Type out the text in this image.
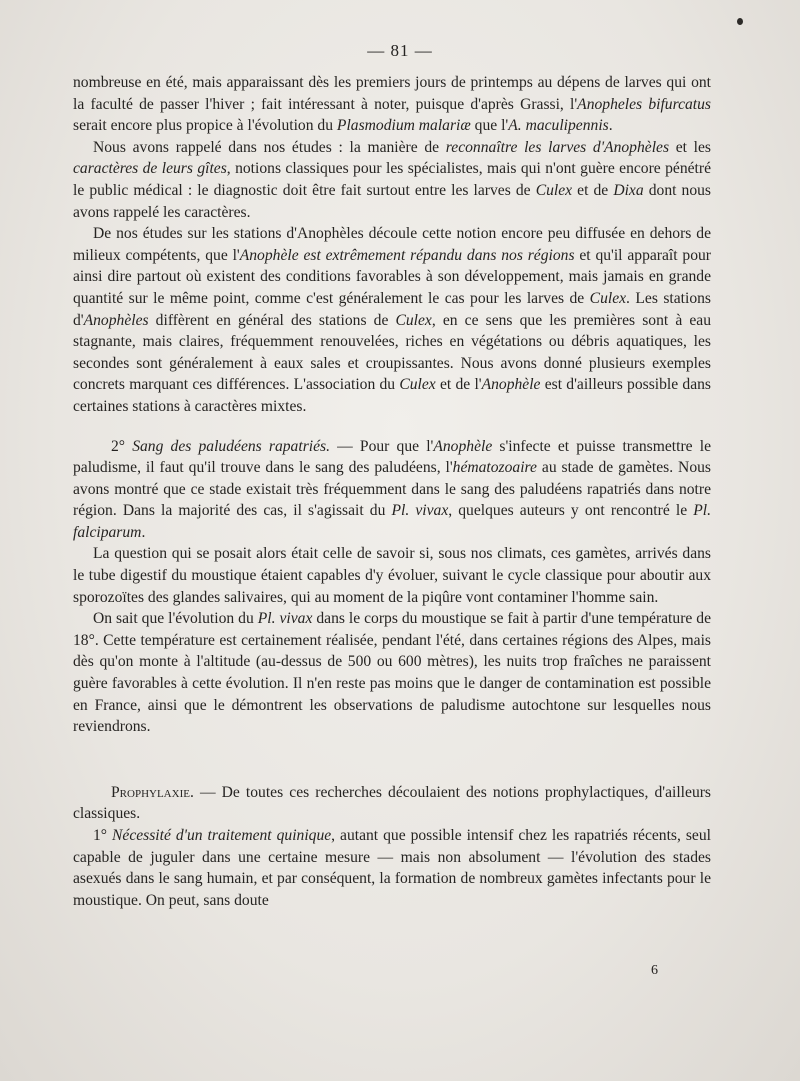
— 81 —

nombreuse en été, mais apparaissant dès les premiers jours de printemps au dépens de larves qui ont la faculté de passer l'hiver ; fait intéressant à noter, puisque d'après Grassi, l'Anopheles bifurcatus serait encore plus propice à l'évolution du Plasmodium malariæ que l'A. maculipennis.

Nous avons rappelé dans nos études : la manière de reconnaître les larves d'Anophèles et les caractères de leurs gîtes, notions classiques pour les spécialistes, mais qui n'ont guère encore pénétré le public médical : le diagnostic doit être fait surtout entre les larves de Culex et de Dixa dont nous avons rappelé les caractères.

De nos études sur les stations d'Anophèles découle cette notion encore peu diffusée en dehors de milieux compétents, que l'Anophèle est extrêmement répandu dans nos régions et qu'il apparaît pour ainsi dire partout où existent des conditions favorables à son développement, mais jamais en grande quantité sur le même point, comme c'est généralement le cas pour les larves de Culex. Les stations d'Anophèles diffèrent en général des stations de Culex, en ce sens que les premières sont à eau stagnante, mais claires, fréquemment renouvelées, riches en végétations ou débris aquatiques, les secondes sont généralement à eaux sales et croupissantes. Nous avons donné plusieurs exemples concrets marquant ces différences. L'association du Culex et de l'Anophèle est d'ailleurs possible dans certaines stations à caractères mixtes.

2° Sang des paludéens rapatriés. — Pour que l'Anophèle s'infecte et puisse transmettre le paludisme, il faut qu'il trouve dans le sang des paludéens, l'hématozoaire au stade de gamètes. Nous avons montré que ce stade existait très fréquemment dans le sang des paludéens rapatriés dans notre région. Dans la majorité des cas, il s'agissait du Pl. vivax, quelques auteurs y ont rencontré le Pl. falciparum.

La question qui se posait alors était celle de savoir si, sous nos climats, ces gamètes, arrivés dans le tube digestif du moustique étaient capables d'y évoluer, suivant le cycle classique pour aboutir aux sporozoïtes des glandes salivaires, qui au moment de la piqûre vont contaminer l'homme sain.

On sait que l'évolution du Pl. vivax dans le corps du moustique se fait à partir d'une température de 18°. Cette température est certainement réalisée, pendant l'été, dans certaines régions des Alpes, mais dès qu'on monte à l'altitude (au-dessus de 500 ou 600 mètres), les nuits trop fraîches ne paraissent guère favorables à cette évolution. Il n'en reste pas moins que le danger de contamination est possible en France, ainsi que le démontrent les observations de paludisme autochtone sur lesquelles nous reviendrons.

Prophylaxie. — De toutes ces recherches découlaient des notions prophylactiques, d'ailleurs classiques.

1° Nécessité d'un traitement quinique, autant que possible intensif chez les rapatriés récents, seul capable de juguler dans une certaine mesure — mais non absolument — l'évolution des stades asexués dans le sang humain, et par conséquent, la formation de nombreux gamètes infectants pour le moustique. On peut, sans doute

6
